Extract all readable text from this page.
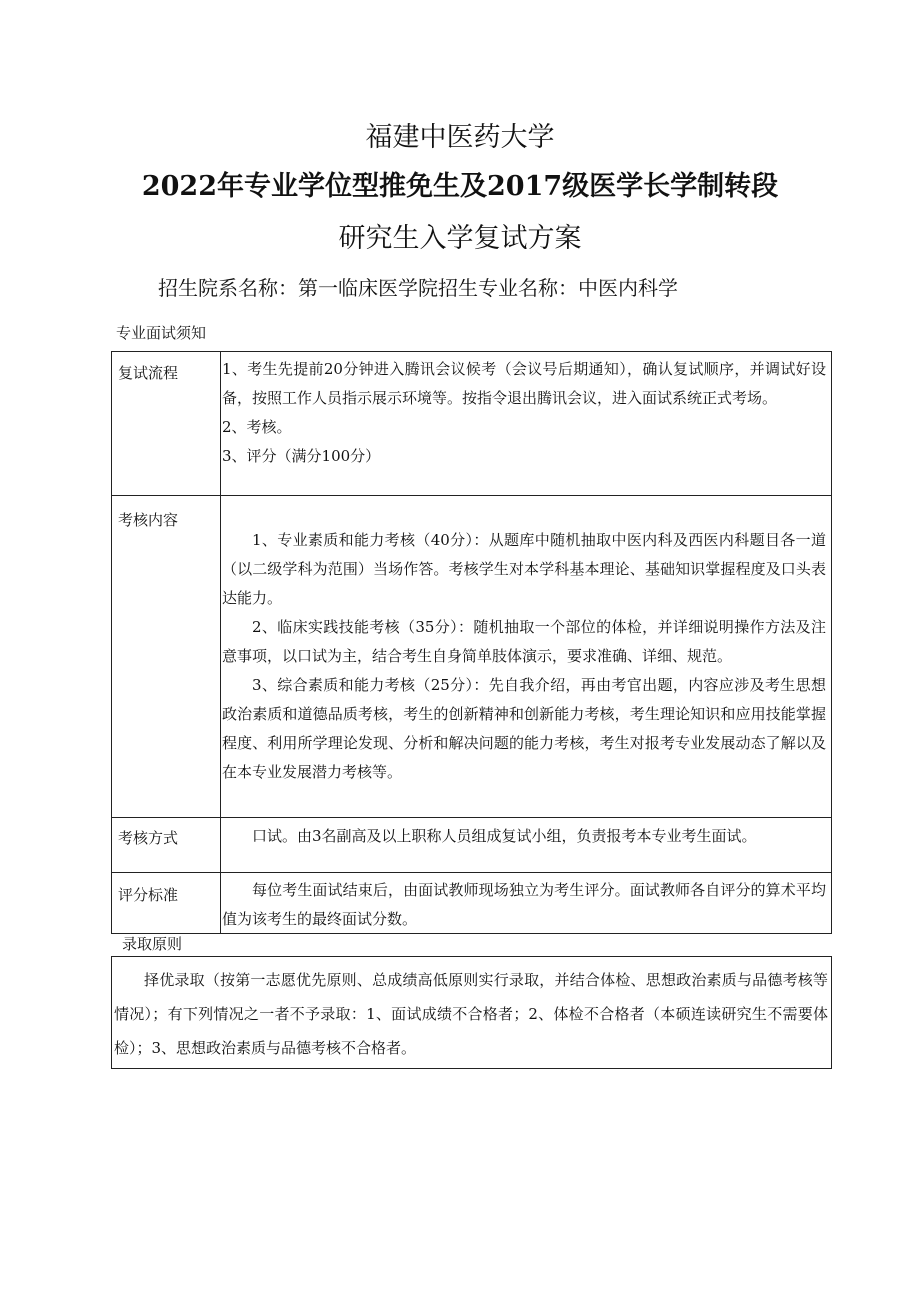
福建中医药大学
2022年专业学位型推免生及2017级医学长学制转段
研究生入学复试方案
招生院系名称：第一临床医学院招生专业名称：中医内科学
专业面试须知
复试流程	1、考生先提前20分钟进入腾讯会议候考（会议号后期通知），确认复试顺序，并调试好设备，按照工作人员指示展示环境等。按指令退出腾讯会议，进入面试系统正式考场。

2、考核。

3、评分（满分100分）

考核内容

1、专业素质和能力考核（40分）：从题库中随机抽取中医内科及西医内科题目各一道（以二级学科为范围）当场作答。考核学生对本学科基本理论、基础知识掌握程度及口头表达能力。

2、临床实践技能考核（35分）：随机抽取一个部位的体检，并详细说明操作方法及注意事项，以口试为主，结合考生自身简单肢体演示，要求准确、详细、规范。

3、综合素质和能力考核（25分）：先自我介绍，再由考官出题，内容应涉及考生思想政治素质和道德品质考核，考生的创新精神和创新能力考核，考生理论知识和应用技能掌握程度、利用所学理论发现、分析和解决问题的能力考核，考生对报考专业发展动态了解以及在本专业发展潜力考核等。

考核方式	口试。由3名副高及以上职称人员组成复试小组，负责报考本专业考生面试。

评分标准	每位考生面试结束后，由面试教师现场独立为考生评分。面试教师各自评分的算术平均值为该考生的最终面试分数。

录取原则

择优录取（按第一志愿优先原则、总成绩高低原则实行录取，并结合体检、思想政治素质与品德考核等情况）；有下列情况之一者不予录取：1、面试成绩不合格者；2、体检不合格者（本硕连读研究生不需要体检）；3、思想政治素质与品德考核不合格者。
